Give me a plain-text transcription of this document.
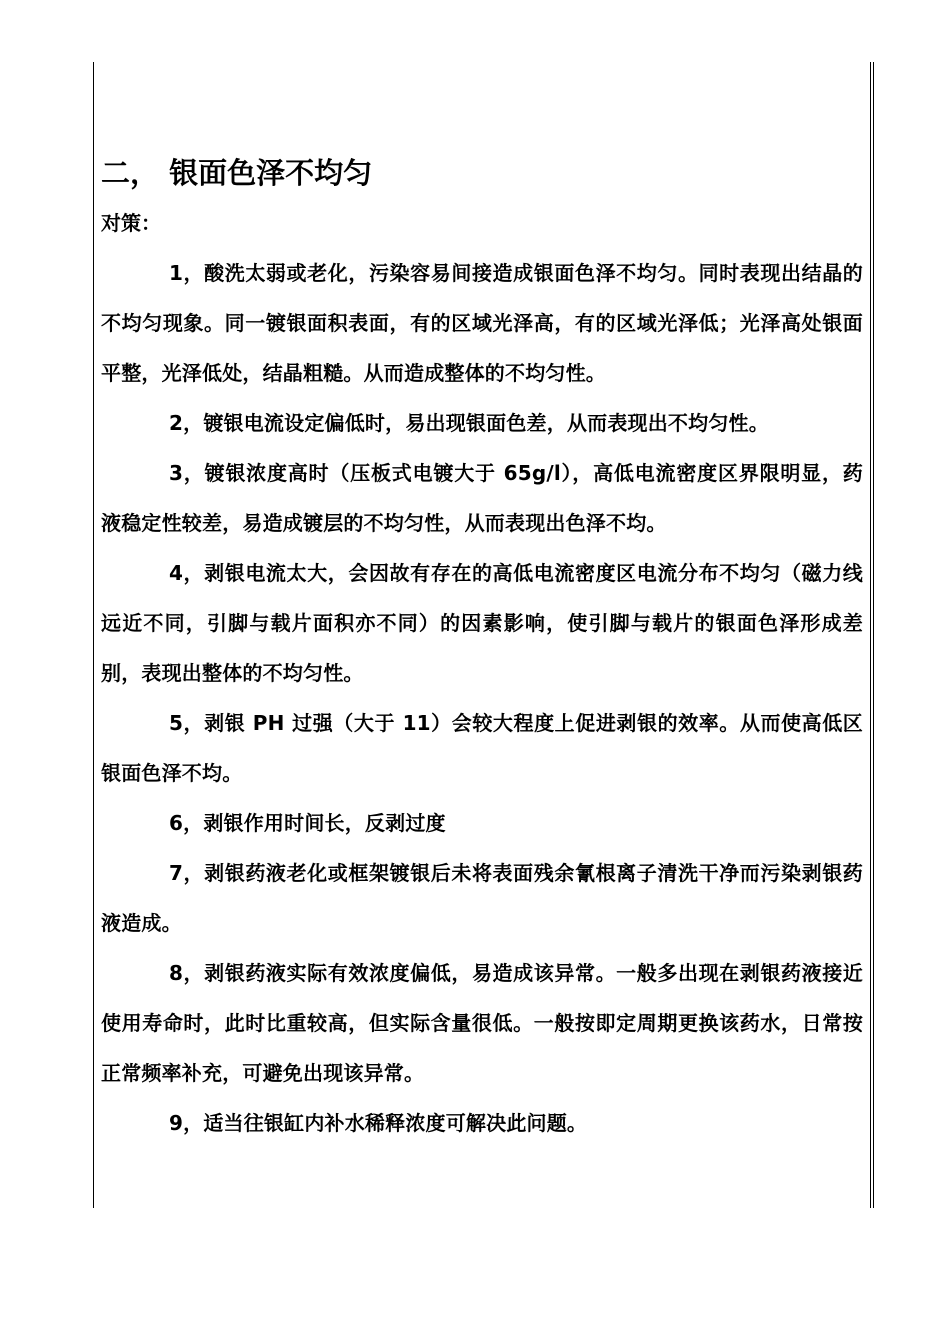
二， 银面色泽不均匀

对策：

1，酸洗太弱或老化，污染容易间接造成银面色泽不均匀。同时表现出结晶的不均匀现象。同一镀银面积表面，有的区域光泽高，有的区域光泽低；光泽高处银面平整，光泽低处，结晶粗糙。从而造成整体的不均匀性。

2，镀银电流设定偏低时，易出现银面色差，从而表现出不均匀性。

3，镀银浓度高时（压板式电镀大于 65g/l），高低电流密度区界限明显，药液稳定性较差，易造成镀层的不均匀性，从而表现出色泽不均。

4，剥银电流太大，会因故有存在的高低电流密度区电流分布不均匀（磁力线远近不同，引脚与载片面积亦不同）的因素影响，使引脚与载片的银面色泽形成差别，表现出整体的不均匀性。

5，剥银 PH 过强（大于 11）会较大程度上促进剥银的效率。从而使高低区银面色泽不均。

6，剥银作用时间长，反剥过度

7，剥银药液老化或框架镀银后未将表面残余氰根离子清洗干净而污染剥银药液造成。

8，剥银药液实际有效浓度偏低，易造成该异常。一般多出现在剥银药液接近使用寿命时，此时比重较高，但实际含量很低。一般按即定周期更换该药水，日常按正常频率补充，可避免出现该异常。

9，适当往银缸内补水稀释浓度可解决此问题。
